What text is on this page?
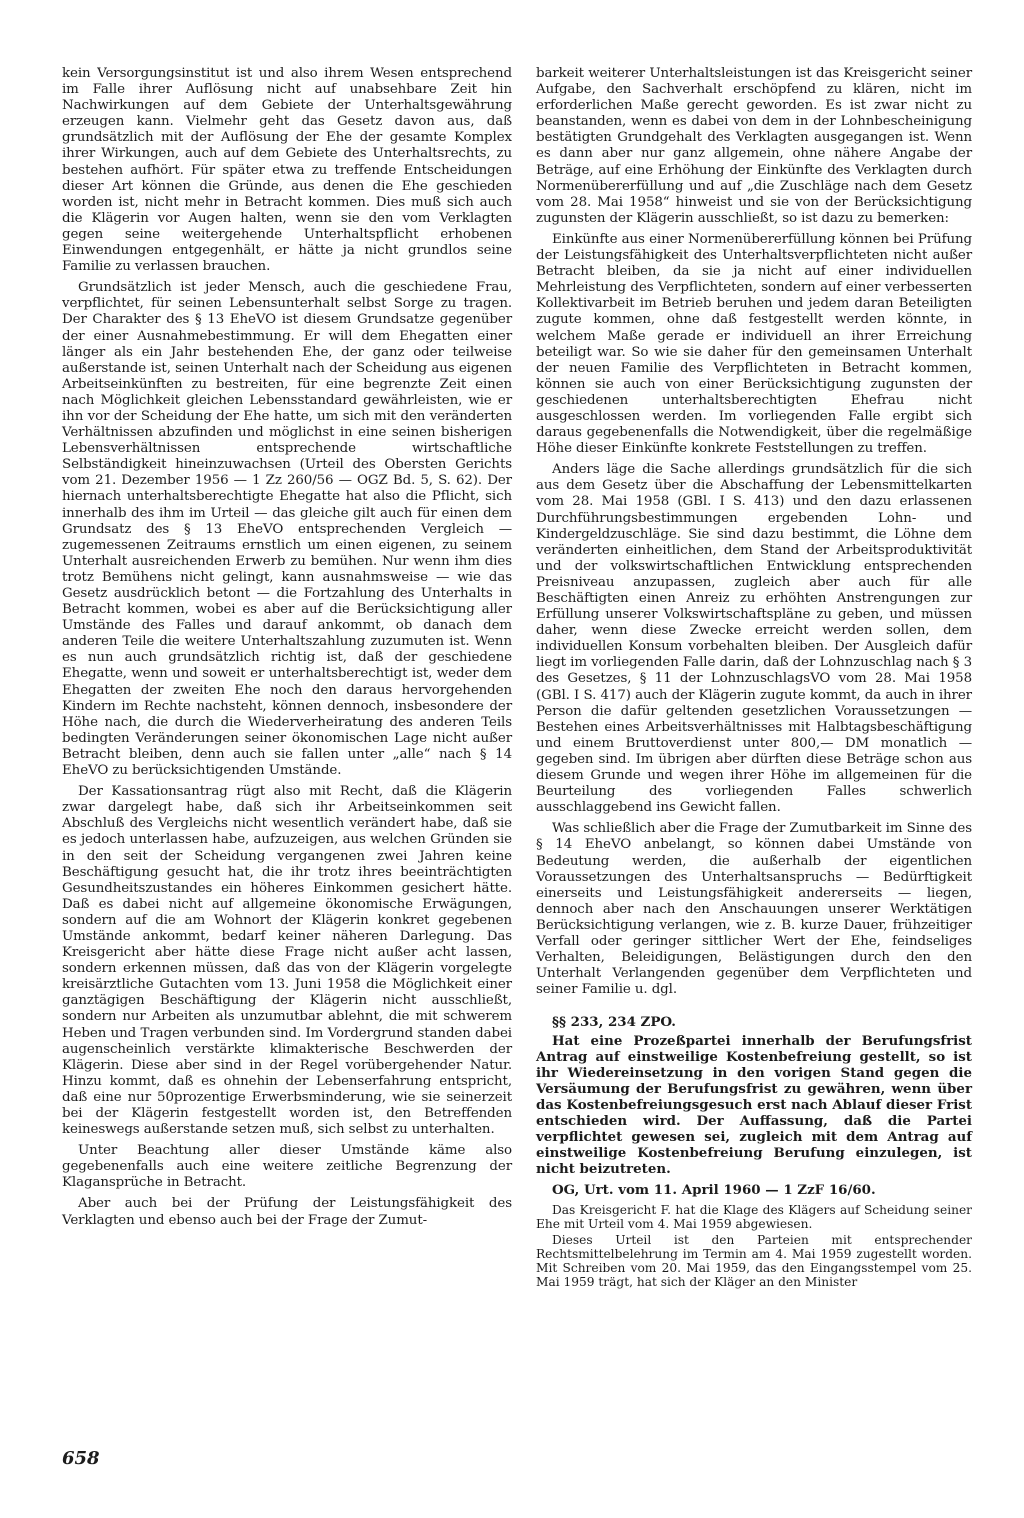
kein Versorgungsinstitut ist und also ihrem Wesen entsprechend im Falle ihrer Auflösung nicht auf unabsehbare Zeit hin Nachwirkungen auf dem Gebiete der Unterhaltsgewährung erzeugen kann. Vielmehr geht das Gesetz davon aus, daß grundsätzlich mit der Auflösung der Ehe der gesamte Komplex ihrer Wirkungen, auch auf dem Gebiete des Unterhaltsrechts, zu bestehen aufhört. Für später etwa zu treffende Entscheidungen dieser Art können die Gründe, aus denen die Ehe geschieden worden ist, nicht mehr in Betracht kommen. Dies muß sich auch die Klägerin vor Augen halten, wenn sie den vom Verklagten gegen seine weitergehende Unterhaltspflicht erhobenen Einwendungen entgegenhält, er hätte ja nicht grundlos seine Familie zu verlassen brauchen.

Grundsätzlich ist jeder Mensch, auch die geschiedene Frau, verpflichtet, für seinen Lebensunterhalt selbst Sorge zu tragen. Der Charakter des § 13 EheVO ist diesem Grundsatze gegenüber der einer Ausnahmebestimmung. Er will dem Ehegatten einer länger als ein Jahr bestehenden Ehe, der ganz oder teilweise außerstande ist, seinen Unterhalt nach der Scheidung aus eigenen Arbeitseinkünften zu bestreiten, für eine begrenzte Zeit einen nach Möglichkeit gleichen Lebensstandard gewährleisten, wie er ihn vor der Scheidung der Ehe hatte, um sich mit den veränderten Verhältnissen abzufinden und möglichst in eine seinen bisherigen Lebensverhältnissen entsprechende wirtschaftliche Selbständigkeit hineinzuwachsen (Urteil des Obersten Gerichts vom 21. Dezember 1956 — 1 Zz 260/56 — OGZ Bd. 5, S. 62). Der hiernach unterhaltsberechtigte Ehegatte hat also die Pflicht, sich innerhalb des ihm im Urteil — das gleiche gilt auch für einen dem Grundsatz des § 13 EheVO entsprechenden Vergleich — zugemessenen Zeitraums ernstlich um einen eigenen, zu seinem Unterhalt ausreichenden Erwerb zu bemühen. Nur wenn ihm dies trotz Bemühens nicht gelingt, kann ausnahmsweise — wie das Gesetz ausdrücklich betont — die Fortzahlung des Unterhalts in Betracht kommen, wobei es aber auf die Berücksichtigung aller Umstände des Falles und darauf ankommt, ob danach dem anderen Teile die weitere Unterhaltszahlung zuzumuten ist. Wenn es nun auch grundsätzlich richtig ist, daß der geschiedene Ehegatte, wenn und soweit er unterhaltsberechtigt ist, weder dem Ehegatten der zweiten Ehe noch den daraus hervorgehenden Kindern im Rechte nachsteht, können dennoch, insbesondere der Höhe nach, die durch die Wiederverheiratung des anderen Teils bedingten Veränderungen seiner ökonomischen Lage nicht außer Betracht bleiben, denn auch sie fallen unter „alle“ nach § 14 EheVO zu berücksichtigenden Umstände.

Der Kassationsantrag rügt also mit Recht, daß die Klägerin zwar dargelegt habe, daß sich ihr Arbeitseinkommen seit Abschluß des Vergleichs nicht wesentlich verändert habe, daß sie es jedoch unterlassen habe, aufzuzeigen, aus welchen Gründen sie in den seit der Scheidung vergangenen zwei Jahren keine Beschäftigung gesucht hat, die ihr trotz ihres beeinträchtigten Gesundheitszustandes ein höheres Einkommen gesichert hätte. Daß es dabei nicht auf allgemeine ökonomische Erwägungen, sondern auf die am Wohnort der Klägerin konkret gegebenen Umstände ankommt, bedarf keiner näheren Darlegung. Das Kreisgericht aber hätte diese Frage nicht außer acht lassen, sondern erkennen müssen, daß das von der Klägerin vorgelegte kreisärztliche Gutachten vom 13. Juni 1958 die Möglichkeit einer ganztägigen Beschäftigung der Klägerin nicht ausschließt, sondern nur Arbeiten als unzumutbar ablehnt, die mit schwerem Heben und Tragen verbunden sind. Im Vordergrund standen dabei augenscheinlich verstärkte klimakterische Beschwerden der Klägerin. Diese aber sind in der Regel vorübergehender Natur. Hinzu kommt, daß es ohnehin der Lebenserfahrung entspricht, daß eine nur 50prozentige Erwerbsminderung, wie sie seinerzeit bei der Klägerin festgestellt worden ist, den Betreffenden keineswegs außerstande setzen muß, sich selbst zu unterhalten.

Unter Beachtung aller dieser Umstände käme also gegebenenfalls auch eine weitere zeitliche Begrenzung der Klagansprüche in Betracht.

Aber auch bei der Prüfung der Leistungsfähigkeit des Verklagten und ebenso auch bei der Frage der Zumut-

barkeit weiterer Unterhaltsleistungen ist das Kreisgericht seiner Aufgabe, den Sachverhalt erschöpfend zu klären, nicht im erforderlichen Maße gerecht geworden. Es ist zwar nicht zu beanstanden, wenn es dabei von dem in der Lohnbescheinigung bestätigten Grundgehalt des Verklagten ausgegangen ist. Wenn es dann aber nur ganz allgemein, ohne nähere Angabe der Beträge, auf eine Erhöhung der Einkünfte des Verklagten durch Normenübererfüllung und auf „die Zuschläge nach dem Gesetz vom 28. Mai 1958“ hinweist und sie von der Berücksichtigung zugunsten der Klägerin ausschließt, so ist dazu zu bemerken:

Einkünfte aus einer Normenübererfüllung können bei Prüfung der Leistungsfähigkeit des Unterhaltsverpflichteten nicht außer Betracht bleiben, da sie ja nicht auf einer individuellen Mehrleistung des Verpflichteten, sondern auf einer verbesserten Kollektivarbeit im Betrieb beruhen und jedem daran Beteiligten zugute kommen, ohne daß festgestellt werden könnte, in welchem Maße gerade er individuell an ihrer Erreichung beteiligt war. So wie sie daher für den gemeinsamen Unterhalt der neuen Familie des Verpflichteten in Betracht kommen, können sie auch von einer Berücksichtigung zugunsten der geschiedenen unterhaltsberechtigten Ehefrau nicht ausgeschlossen werden. Im vorliegenden Falle ergibt sich daraus gegebenenfalls die Notwendigkeit, über die regelmäßige Höhe dieser Einkünfte konkrete Feststellungen zu treffen.

Anders läge die Sache allerdings grundsätzlich für die sich aus dem Gesetz über die Abschaffung der Lebensmittelkarten vom 28. Mai 1958 (GBl. I S. 413) und den dazu erlassenen Durchführungsbestimmungen ergebenden Lohn- und Kindergeldzuschläge. Sie sind dazu bestimmt, die Löhne dem veränderten einheitlichen, dem Stand der Arbeitsproduktivität und der volkswirtschaftlichen Entwicklung entsprechenden Preisniveau anzupassen, zugleich aber auch für alle Beschäftigten einen Anreiz zu erhöhten Anstrengungen zur Erfüllung unserer Volkswirtschaftspläne zu geben, und müssen daher, wenn diese Zwecke erreicht werden sollen, dem individuellen Konsum vorbehalten bleiben. Der Ausgleich dafür liegt im vorliegenden Falle darin, daß der Lohnzuschlag nach § 3 des Gesetzes, § 11 der LohnzuschlagsVO vom 28. Mai 1958 (GBl. I S. 417) auch der Klägerin zugute kommt, da auch in ihrer Person die dafür geltenden gesetzlichen Voraussetzungen — Bestehen eines Arbeitsverhältnisses mit Halbtagsbeschäftigung und einem Bruttoverdienst unter 800,— DM monatlich — gegeben sind. Im übrigen aber dürften diese Beträge schon aus diesem Grunde und wegen ihrer Höhe im allgemeinen für die Beurteilung des vorliegenden Falles schwerlich ausschlaggebend ins Gewicht fallen.

Was schließlich aber die Frage der Zumutbarkeit im Sinne des § 14 EheVO anbelangt, so können dabei Umstände von Bedeutung werden, die außerhalb der eigentlichen Voraussetzungen des Unterhaltsanspruchs — Bedürftigkeit einerseits und Leistungsfähigkeit andererseits — liegen, dennoch aber nach den Anschauungen unserer Werktätigen Berücksichtigung verlangen, wie z. B. kurze Dauer, frühzeitiger Verfall oder geringer sittlicher Wert der Ehe, feindseliges Verhalten, Beleidigungen, Belästigungen durch den den Unterhalt Verlangenden gegenüber dem Verpflichteten und seiner Familie u. dgl.

§§ 233, 234 ZPO.
Hat eine Prozeßpartei innerhalb der Berufungsfrist Antrag auf einstweilige Kostenbefreiung gestellt, so ist ihr Wiedereinsetzung in den vorigen Stand gegen die Versäumung der Berufungsfrist zu gewähren, wenn über das Kostenbefreiungsgesuch erst nach Ablauf dieser Frist entschieden wird. Der Auffassung, daß die Partei verpflichtet gewesen sei, zugleich mit dem Antrag auf einstweilige Kostenbefreiung Berufung einzulegen, ist nicht beizutreten.
OG, Urt. vom 11. April 1960 — 1 ZzF 16/60.

Das Kreisgericht F. hat die Klage des Klägers auf Scheidung seiner Ehe mit Urteil vom 4. Mai 1959 abgewiesen.

Dieses Urteil ist den Parteien mit entsprechender Rechtsmittelbelehrung im Termin am 4. Mai 1959 zugestellt worden. Mit Schreiben vom 20. Mai 1959, das den Eingangsstempel vom 25. Mai 1959 trägt, hat sich der Kläger an den Minister

658
